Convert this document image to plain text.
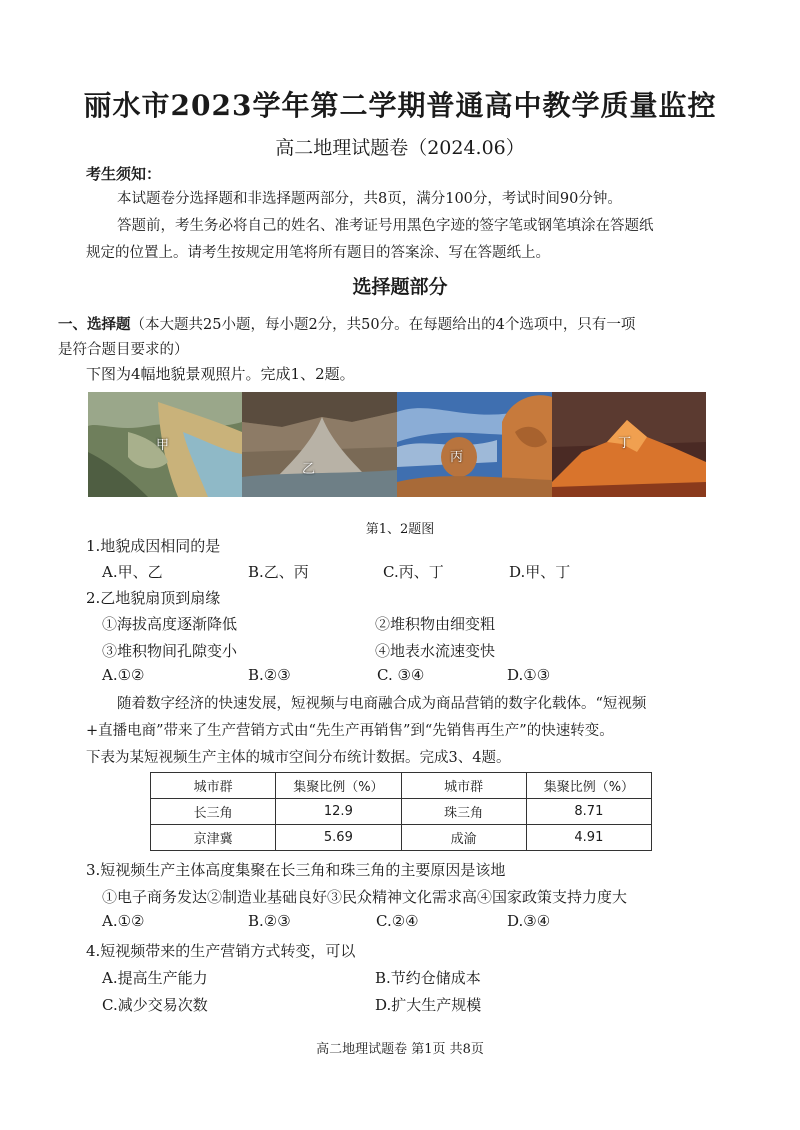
丽水市2023学年第二学期普通高中教学质量监控
高二地理试题卷（2024.06）
考生须知：
本试题卷分选择题和非选择题两部分，共8页，满分100分，考试时间90分钟。
答题前，考生务必将自己的姓名、准考证号用黑色字迹的签字笔或钢笔填涂在答题纸
规定的位置上。请考生按规定用笔将所有题目的答案涂、写在答题纸上。
选择题部分
一、选择题（本大题共25小题，每小题2分，共50分。在每题给出的4个选项中，只有一项
是符合题目要求的）
下图为4幅地貌景观照片。完成1、2题。
甲
乙
丙
丁
第1、2题图
1.地貌成因相同的是
A.甲、乙	B.乙、丙	C.丙、丁	D.甲、丁
2.乙地貌扇顶到扇缘
①海拔高度逐渐降低	②堆积物由细变粗
③堆积物间孔隙变小	④地表水流速变快
A.①②	B.②③	C. ③④	D.①③
随着数字经济的快速发展，短视频与电商融合成为商品营销的数字化载体。“短视频
+直播电商”带来了生产营销方式由“先生产再销售”到“先销售再生产”的快速转变。
下表为某短视频生产主体的城市空间分布统计数据。完成3、4题。
城市群	集聚比例（%）	城市群	集聚比例（%）
长三角	12.9	珠三角	8.71
京津冀	5.69	成渝	4.91
3.短视频生产主体高度集聚在长三角和珠三角的主要原因是该地
①电子商务发达②制造业基础良好③民众精神文化需求高④国家政策支持力度大
A.①②	B.②③	C.②④	D.③④
4.短视频带来的生产营销方式转变，可以
A.提高生产能力	B.节约仓储成本
C.减少交易次数	D.扩大生产规模
高二地理试题卷 第1页 共8页
